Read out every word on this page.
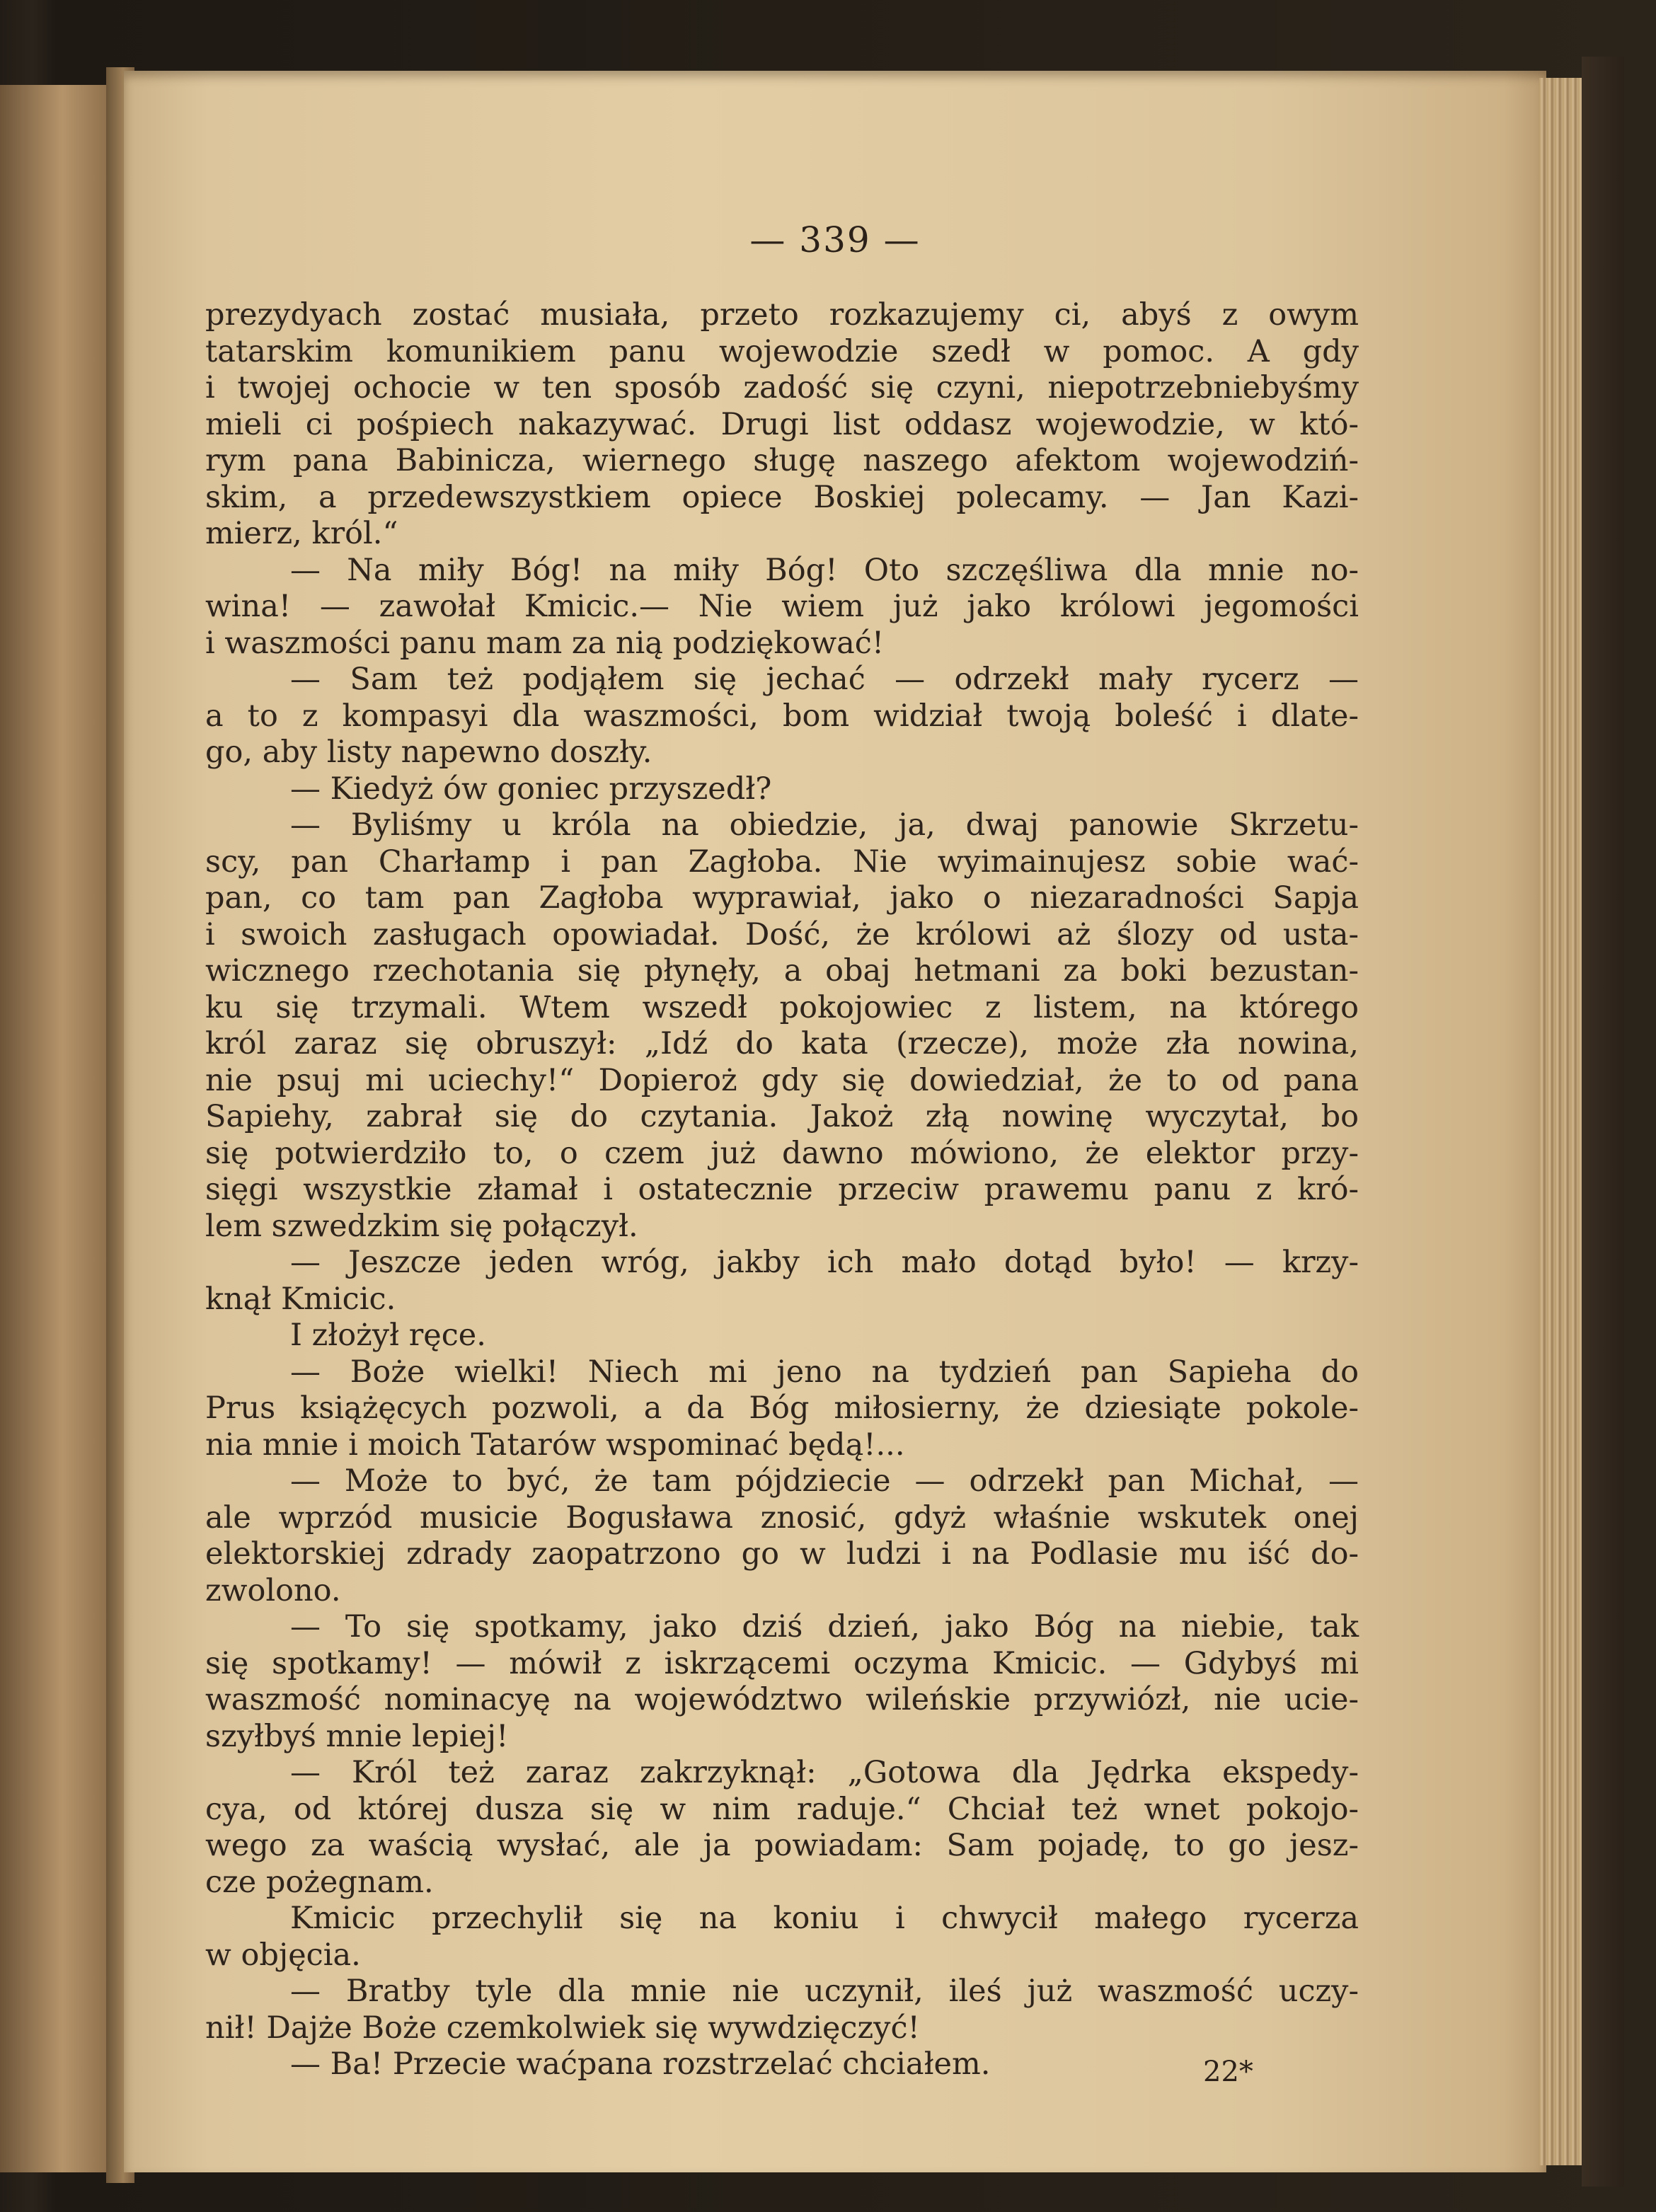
— 339 —
prezydyach zostać musiała, przeto rozkazujemy ci, abyś z owym
tatarskim komunikiem panu wojewodzie szedł w pomoc. A gdy
i twojej ochocie w ten sposób zadość się czyni, niepotrzebniebyśmy
mieli ci pośpiech nakazywać. Drugi list oddasz wojewodzie, w któ-
rym pana Babinicza, wiernego sługę naszego afektom wojewodziń-
skim, a przedewszystkiem opiece Boskiej polecamy. — Jan Kazi-
mierz, król.“
— Na miły Bóg! na miły Bóg! Oto szczęśliwa dla mnie no-
wina! — zawołał Kmicic.— Nie wiem już jako królowi jegomości
i waszmości panu mam za nią podziękować!
— Sam też podjąłem się jechać — odrzekł mały rycerz —
a to z kompasyi dla waszmości, bom widział twoją boleść i dlate-
go, aby listy napewno doszły.
— Kiedyż ów goniec przyszedł?
— Byliśmy u króla na obiedzie, ja, dwaj panowie Skrzetu-
scy, pan Charłamp i pan Zagłoba. Nie wyimainujesz sobie wać-
pan, co tam pan Zagłoba wyprawiał, jako o niezaradności Sapja
i swoich zasługach opowiadał. Dość, że królowi aż ślozy od usta-
wicznego rzechotania się płynęły, a obaj hetmani za boki bezustan-
ku się trzymali. Wtem wszedł pokojowiec z listem, na którego
król zaraz się obruszył: „Idź do kata (rzecze), może zła nowina,
nie psuj mi uciechy!“ Dopieroż gdy się dowiedział, że to od pana
Sapiehy, zabrał się do czytania. Jakoż złą nowinę wyczytał, bo
się potwierdziło to, o czem już dawno mówiono, że elektor przy-
sięgi wszystkie złamał i ostatecznie przeciw prawemu panu z kró-
lem szwedzkim się połączył.
— Jeszcze jeden wróg, jakby ich mało dotąd było! — krzy-
knął Kmicic.
I złożył ręce.
— Boże wielki! Niech mi jeno na tydzień pan Sapieha do
Prus książęcych pozwoli, a da Bóg miłosierny, że dziesiąte pokole-
nia mnie i moich Tatarów wspominać będą!...
— Może to być, że tam pójdziecie — odrzekł pan Michał, —
ale wprzód musicie Bogusława znosić, gdyż właśnie wskutek onej
elektorskiej zdrady zaopatrzono go w ludzi i na Podlasie mu iść do-
zwolono.
— To się spotkamy, jako dziś dzień, jako Bóg na niebie, tak
się spotkamy! — mówił z iskrzącemi oczyma Kmicic. — Gdybyś mi
waszmość nominacyę na województwo wileńskie przywiózł, nie ucie-
szyłbyś mnie lepiej!
— Król też zaraz zakrzyknął: „Gotowa dla Jędrka ekspedy-
cya, od której dusza się w nim raduje.“ Chciał też wnet pokojo-
wego za waścią wysłać, ale ja powiadam: Sam pojadę, to go jesz-
cze pożegnam.
Kmicic przechylił się na koniu i chwycił małego rycerza
w objęcia.
— Bratby tyle dla mnie nie uczynił, ileś już waszmość uczy-
nił! Dajże Boże czemkolwiek się wywdzięczyć!
— Ba! Przecie waćpana rozstrzelać chciałem.	22*
